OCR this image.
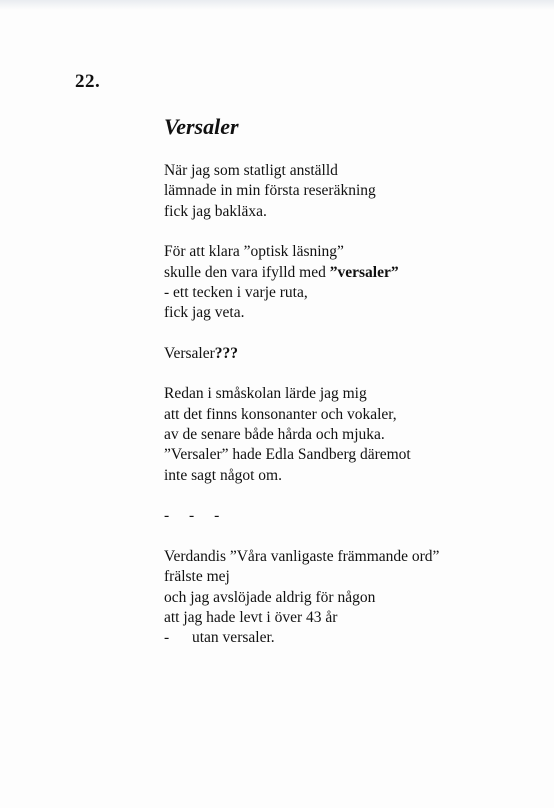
22.
Versaler
När jag som statligt anställd
lämnade in min första reseräkning
fick jag bakläxa.
För att klara ”optisk läsning”
skulle den vara ifylld med ”versaler”
- ett tecken i varje ruta,
fick jag veta.
Versaler???
Redan i småskolan lärde jag mig
att det finns konsonanter och vokaler,
av de senare både hårda och mjuka.
”Versaler” hade Edla Sandberg däremot
inte sagt något om.
- - -
Verdandis ”Våra vanligaste främmande ord”
frälste mej
och jag avslöjade aldrig för någon
att jag hade levt i över 43 år
- utan versaler.
